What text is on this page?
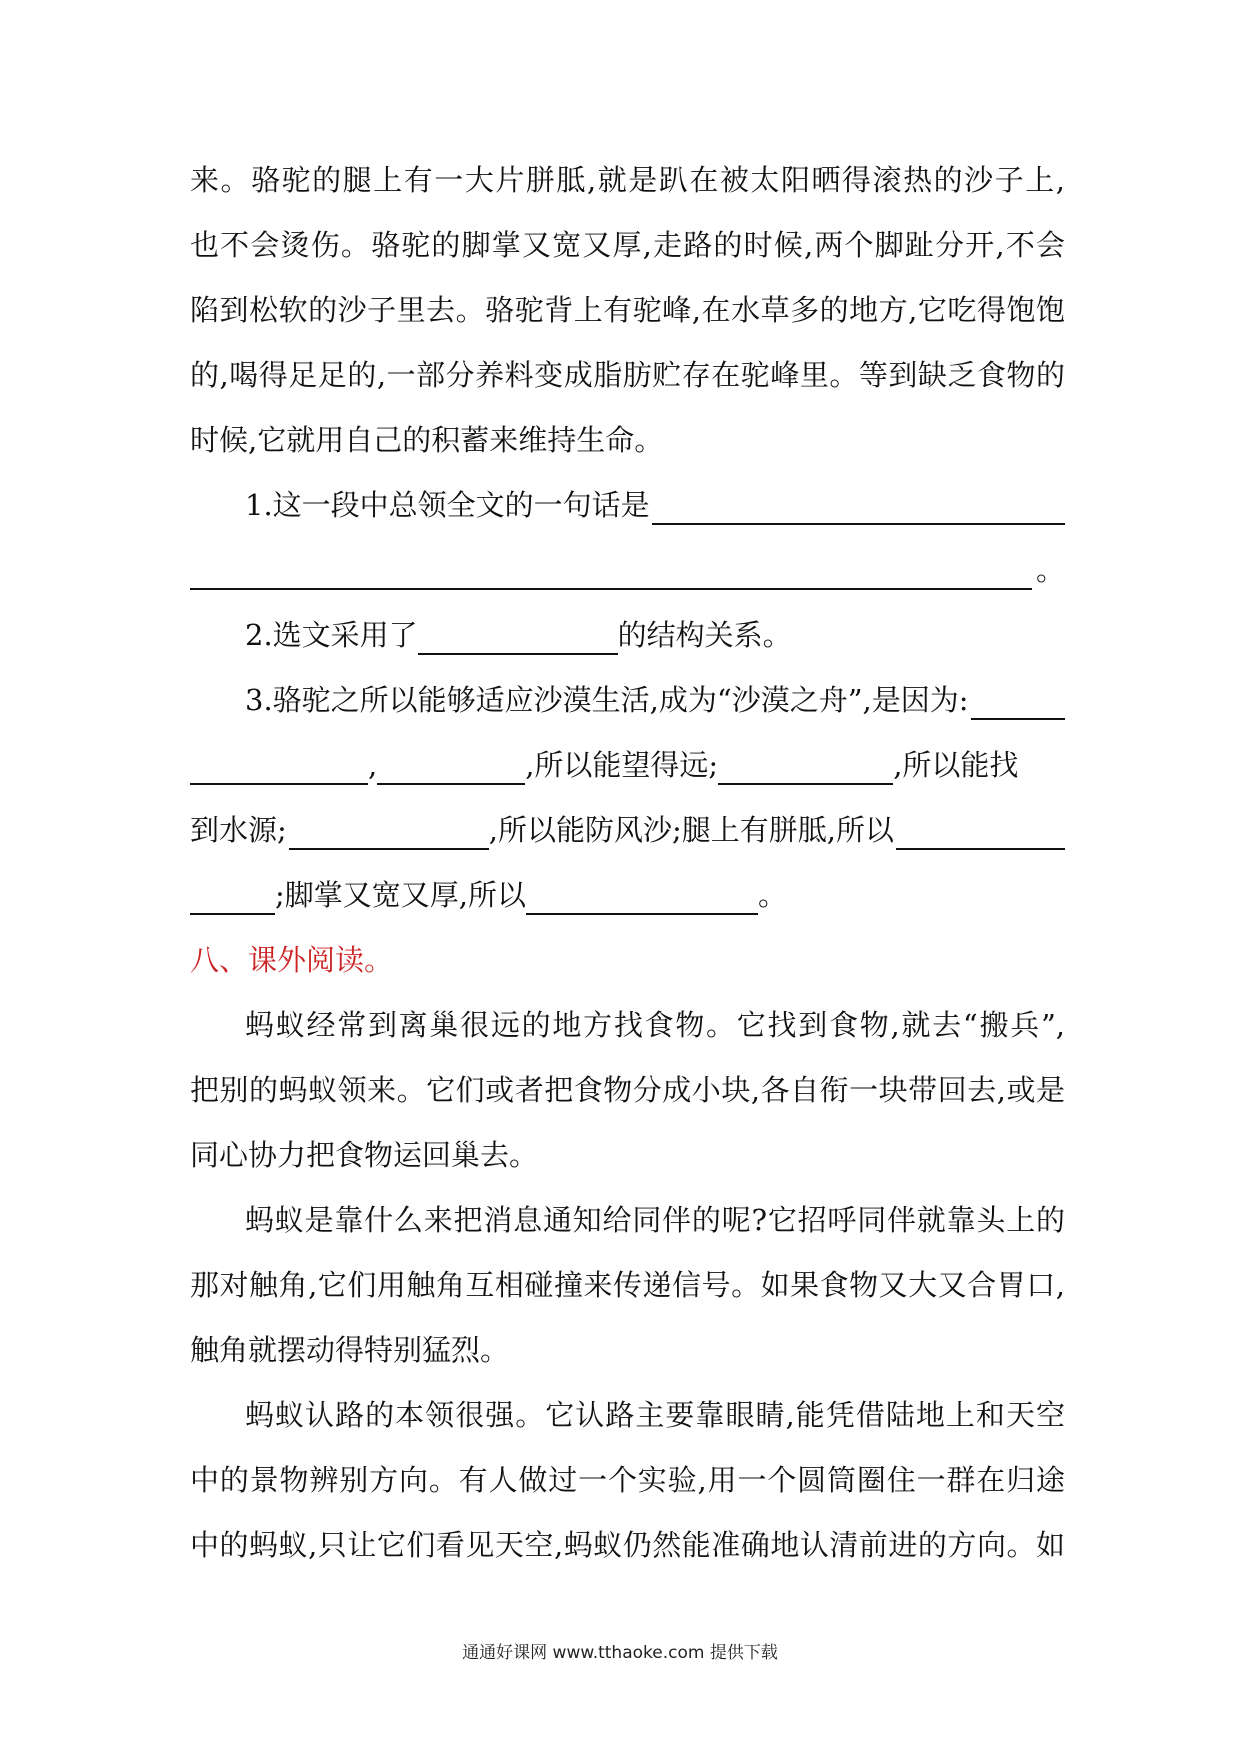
来。骆驼的腿上有一大片胼胝,就是趴在被太阳晒得滚热的沙子上,
也不会烫伤。骆驼的脚掌又宽又厚,走路的时候,两个脚趾分开,不会
陷到松软的沙子里去。骆驼背上有驼峰,在水草多的地方,它吃得饱饱
的,喝得足足的,一部分养料变成脂肪贮存在驼峰里。等到缺乏食物的
时候,它就用自己的积蓄来维持生命。
1.这一段中总领全文的一句话是
。
2.选文采用了	的结构关系。
3.骆驼之所以能够适应沙漠生活,成为“沙漠之舟”,是因为:
,	,所以能望得远;	,所以能找
到水源;	,所以能防风沙;腿上有胼胝,所以
;脚掌又宽又厚,所以	。
八、课外阅读。
蚂蚁经常到离巢很远的地方找食物。它找到食物,就去“搬兵”,
把别的蚂蚁领来。它们或者把食物分成小块,各自衔一块带回去,或是
同心协力把食物运回巢去。
蚂蚁是靠什么来把消息通知给同伴的呢?它招呼同伴就靠头上的
那对触角,它们用触角互相碰撞来传递信号。如果食物又大又合胃口,
触角就摆动得特别猛烈。
蚂蚁认路的本领很强。它认路主要靠眼睛,能凭借陆地上和天空
中的景物辨别方向。有人做过一个实验,用一个圆筒圈住一群在归途
中的蚂蚁,只让它们看见天空,蚂蚁仍然能准确地认清前进的方向。如
通通好课网 www.tthaoke.com 提供下载
